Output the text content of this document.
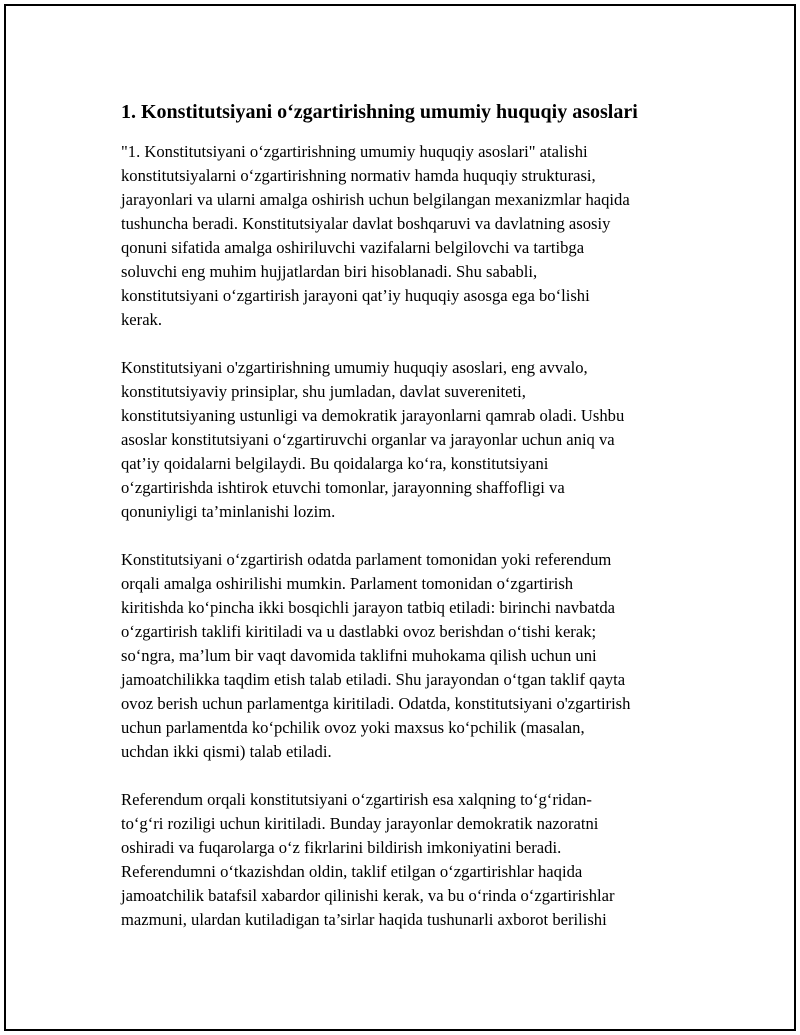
1. Konstitutsiyani o‘zgartirishning umumiy huquqiy asoslari
"1. Konstitutsiyani o‘zgartirishning umumiy huquqiy asoslari" atalishi
konstitutsiyalarni o‘zgartirishning normativ hamda huquqiy strukturasi,
jarayonlari va ularni amalga oshirish uchun belgilangan mexanizmlar haqida
tushuncha beradi. Konstitutsiyalar davlat boshqaruvi va davlatning asosiy
qonuni sifatida amalga oshiriluvchi vazifalarni belgilovchi va tartibga
soluvchi eng muhim hujjatlardan biri hisoblanadi. Shu sababli,
konstitutsiyani o‘zgartirish jarayoni qat’iy huquqiy asosga ega bo‘lishi
kerak.
Konstitutsiyani o'zgartirishning umumiy huquqiy asoslari, eng avvalo,
konstitutsiyaviy prinsiplar, shu jumladan, davlat suvereniteti,
konstitutsiyaning ustunligi va demokratik jarayonlarni qamrab oladi. Ushbu
asoslar konstitutsiyani o‘zgartiruvchi organlar va jarayonlar uchun aniq va
qat’iy qoidalarni belgilaydi. Bu qoidalarga ko‘ra, konstitutsiyani
o‘zgartirishda ishtirok etuvchi tomonlar, jarayonning shaffofligi va
qonuniyligi ta’minlanishi lozim.
Konstitutsiyani o‘zgartirish odatda parlament tomonidan yoki referendum
orqali amalga oshirilishi mumkin. Parlament tomonidan o‘zgartirish
kiritishda ko‘pincha ikki bosqichli jarayon tatbiq etiladi: birinchi navbatda
o‘zgartirish taklifi kiritiladi va u dastlabki ovoz berishdan o‘tishi kerak;
so‘ngra, ma’lum bir vaqt davomida taklifni muhokama qilish uchun uni
jamoatchilikka taqdim etish talab etiladi. Shu jarayondan o‘tgan taklif qayta
ovoz berish uchun parlamentga kiritiladi. Odatda, konstitutsiyani o'zgartirish
uchun parlamentda ko‘pchilik ovoz yoki maxsus ko‘pchilik (masalan,
uchdan ikki qismi) talab etiladi.
Referendum orqali konstitutsiyani o‘zgartirish esa xalqning to‘g‘ridan-
to‘g‘ri roziligi uchun kiritiladi. Bunday jarayonlar demokratik nazoratni
oshiradi va fuqarolarga o‘z fikrlarini bildirish imkoniyatini beradi.
Referendumni o‘tkazishdan oldin, taklif etilgan o‘zgartirishlar haqida
jamoatchilik batafsil xabardor qilinishi kerak, va bu o‘rinda o‘zgartirishlar
mazmuni, ulardan kutiladigan ta’sirlar haqida tushunarli axborot berilishi
